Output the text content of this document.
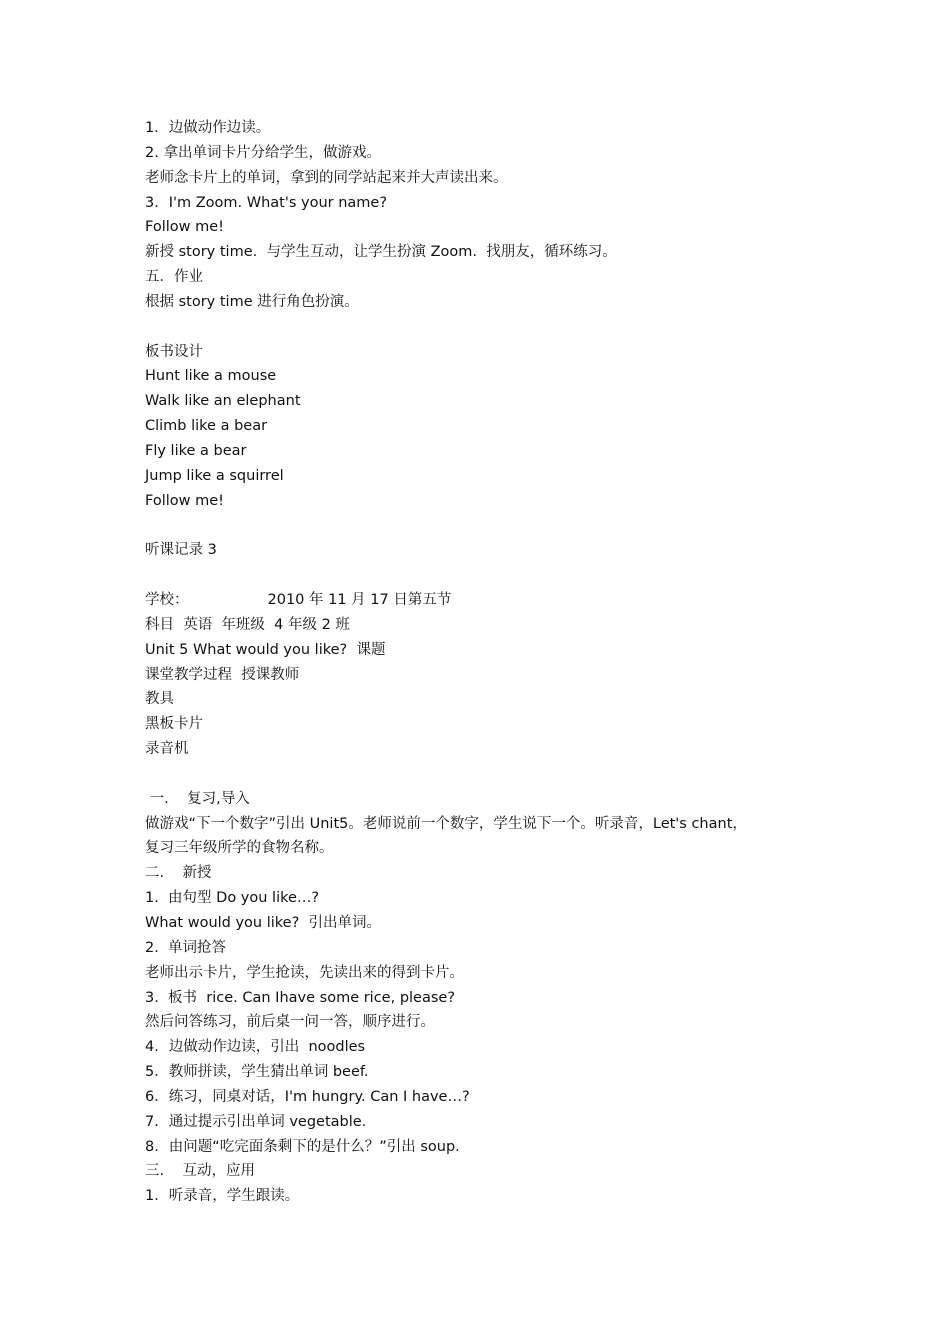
1．边做动作边读。
2. 拿出单词卡片分给学生，做游戏。
老师念卡片上的单词，拿到的同学站起来并大声读出来。
3．I'm Zoom. What's your name?
Follow me!
新授 story time.  与学生互动，让学生扮演 Zoom.  找朋友，循环练习。
五．作业
根据 story time 进行角色扮演。
板书设计
Hunt like a mouse
Walk like an elephant
Climb like a bear
Fly like a bear
Jump like a squirrel
Follow me!
听课记录 3
学校：	2010 年 11 月 17 日第五节
科目  英语  年班级  4 年级 2 班
Unit 5 What would you like?  课题
课堂教学过程  授课教师
教具
黑板卡片
录音机
一.    复习,导入
做游戏“下一个数字”引出 Unit5。老师说前一个数字，学生说下一个。听录音，Let's chant，
复习三年级所学的食物名称。
二.    新授
1.  由句型 Do you like…?
What would you like?  引出单词。
2.  单词抢答
老师出示卡片，学生抢读，先读出来的得到卡片。
3.  板书  rice. Can Ihave some rice, please?
然后问答练习，前后桌一问一答，顺序进行。
4．边做动作边读，引出  noodles
5．教师拼读，学生猜出单词 beef.
6．练习，同桌对话，I'm hungry. Can I have…?
7．通过提示引出单词 vegetable.
8．由问题“吃完面条剩下的是什么？”引出 soup.
三.    互动，应用
1．听录音，学生跟读。
